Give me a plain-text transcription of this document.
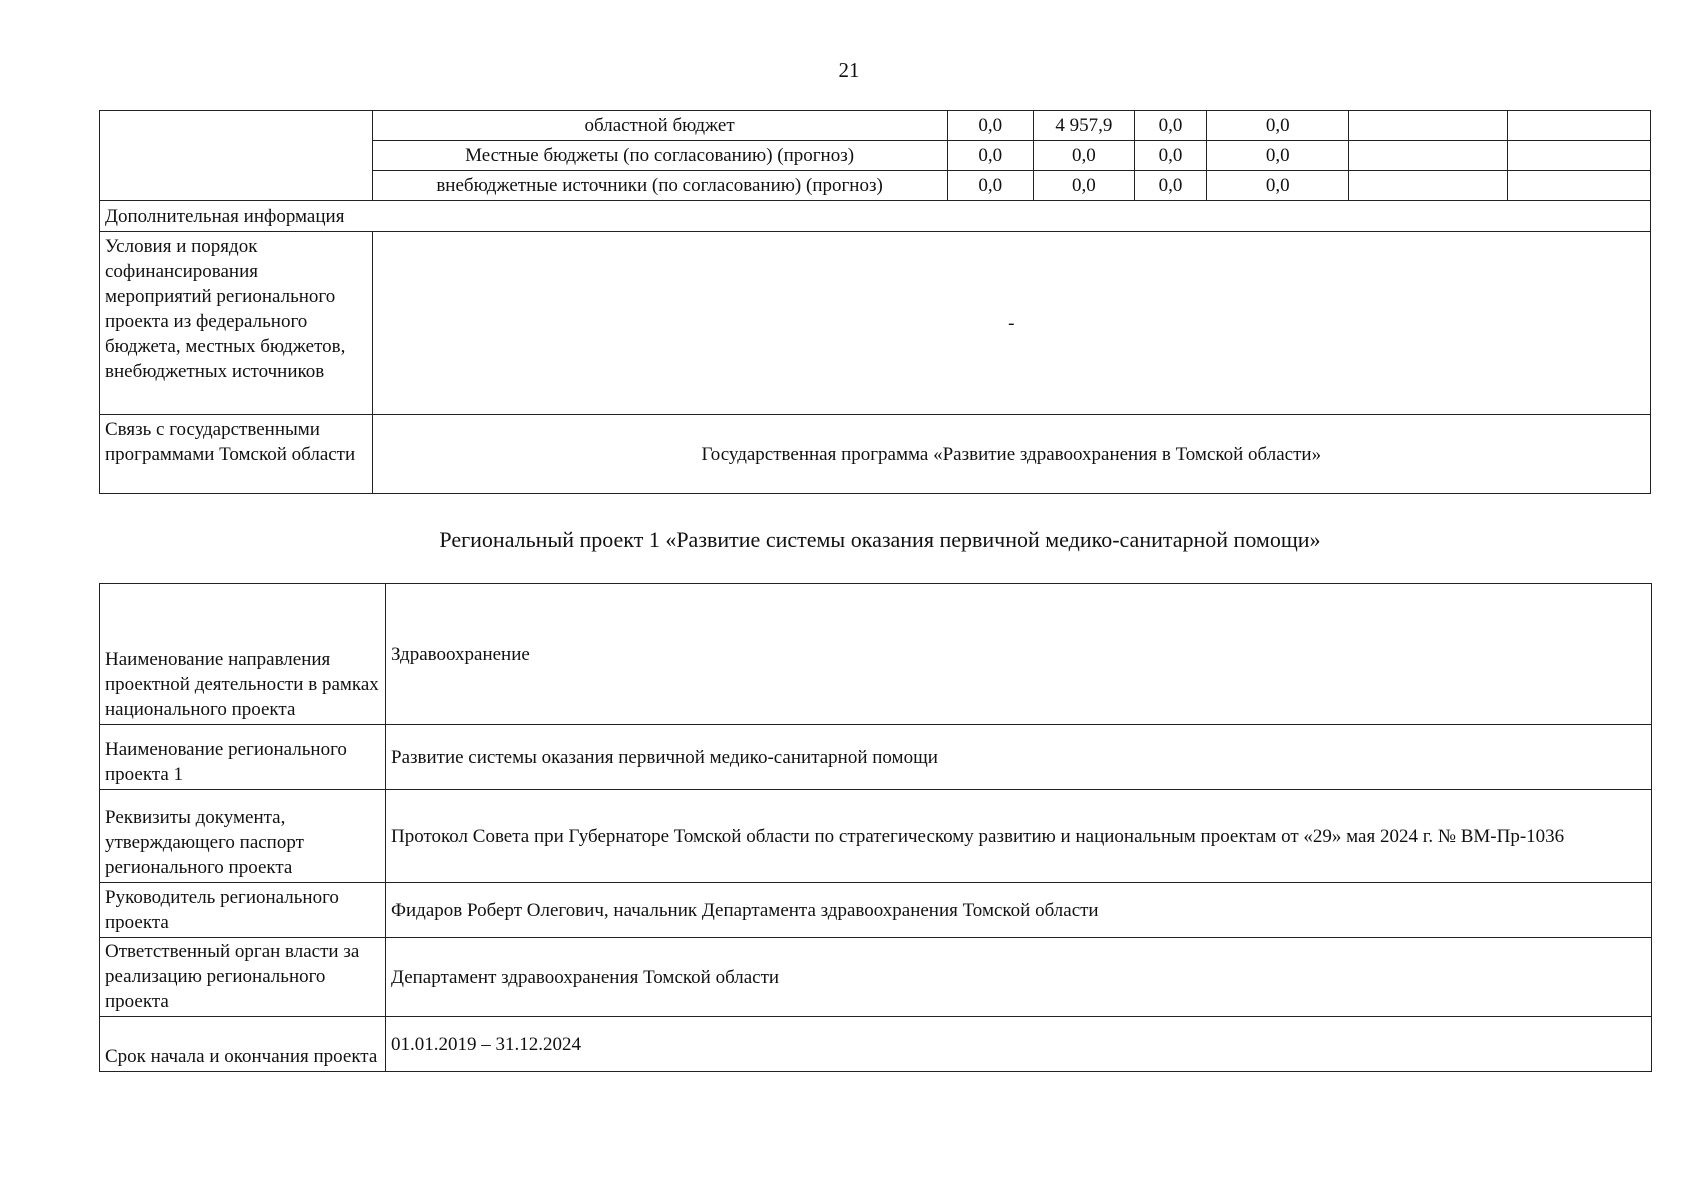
21
	областной бюджет	0,0	4 957,9	0,0	0,0		
	Местные бюджеты (по согласованию) (прогноз)	0,0	0,0	0,0	0,0		
	внебюджетные источники (по согласованию) (прогноз)	0,0	0,0	0,0	0,0		
Дополнительная информация							
Условия и порядок софинансирования мероприятий регионального проекта из федерального бюджета, местных бюджетов, внебюджетных источников	-						
Связь с государственными программами Томской области	Государственная программа «Развитие здравоохранения в Томской области»						
Региональный проект 1 «Развитие системы оказания первичной медико-санитарной помощи»
Наименование направления проектной деятельности в рамках национального проекта	Здравоохранение
Наименование регионального проекта 1	Развитие системы оказания первичной медико-санитарной помощи
Реквизиты документа, утверждающего паспорт регионального проекта	Протокол Совета при Губернаторе Томской области по стратегическому развитию и национальным проектам от «29» мая 2024 г. № ВМ-Пр-1036
Руководитель регионального проекта	Фидаров Роберт Олегович, начальник Департамента здравоохранения Томской области
Ответственный орган власти за реализацию регионального проекта	Департамент здравоохранения Томской области
Срок начала и окончания проекта	01.01.2019 – 31.12.2024
